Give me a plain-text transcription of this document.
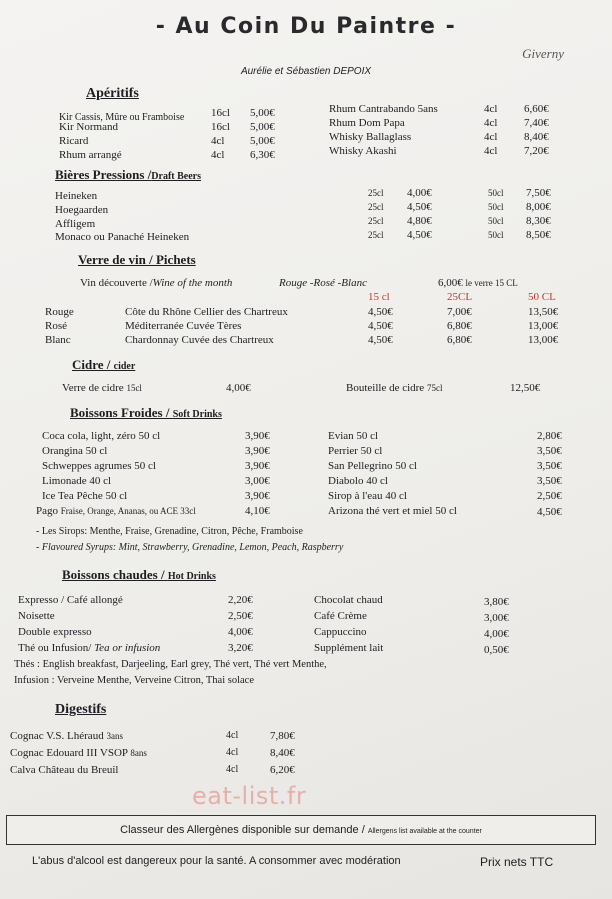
- Au Coin Du Paintre -
Giverny
Aurélie et Sébastien DEPOIX
Apéritifs
Kir Cassis, Mûre ou Framboise 16cl 5,00€
Kir Normand	16cl 5,00€
Ricard	4cl 5,00€
Rhum arrangé	4cl 6,30€
Rhum Cantrabando 5ans	4cl 6,60€
Rhum Dom Papa	4cl 7,40€
Whisky Ballaglass	4cl 8,40€
Whisky Akashi	4cl 7,20€
Bières Pressions /Draft Beers
Heineken	25cl 4,00€	50cl 7,50€
Hoegaarden	25cl 4,50€	50cl 8,00€
Affligem	25cl 4,80€	50cl 8,30€
Monaco ou Panaché Heineken	25cl 4,50€	50cl 8,50€
Verre de vin / Pichets
Vin découverte /Wine of the month	Rouge -Rosé -Blanc	6,00€ le verre 15 CL
15 cl	25CL	50 CL
Rouge	Côte du Rhône Cellier des Chartreux	4,50€	7,00€	13,50€
Rosé	Méditerranée Cuvée Tères	4,50€	6,80€	13,00€
Blanc	Chardonnay Cuvée des Chartreux	4,50€	6,80€	13,00€
Cidre / cider
Verre de cidre 15cl	4,00€	Bouteille de cidre 75cl	12,50€
Boissons Froides / Soft Drinks
Coca cola, light, zéro 50 cl	3,90€
Orangina 50 cl	3,90€
Schweppes agrumes 50 cl	3,90€
Limonade 40 cl	3,00€
Ice Tea Pêche 50 cl	3,90€
Pago Fraise, Orange, Ananas, ou ACE 33cl	4,10€
Evian 50 cl	2,80€
Perrier 50 cl	3,50€
San Pellegrino 50 cl	3,50€
Diabolo 40 cl	3,50€
Sirop à l'eau 40 cl	2,50€
Arizona thé vert et miel 50 cl	4,50€
- Les Sirops: Menthe, Fraise, Grenadine, Citron, Pêche, Framboise
- Flavoured Syrups: Mint, Strawberry, Grenadine, Lemon, Peach, Raspberry
Boissons chaudes / Hot Drinks
Expresso / Café allongé	2,20€
Noisette	2,50€
Double expresso	4,00€
Thé ou Infusion/ Tea or infusion	3,20€
Chocolat chaud	3,80€
Café Crème	3,00€
Cappuccino	4,00€
Supplément lait	0,50€
Thés : English breakfast, Darjeeling, Earl grey, Thé vert, Thé vert Menthe,
Infusion : Verveine Menthe, Verveine Citron, Thai solace
Digestifs
Cognac V.S. Lhéraud 3ans	4cl	7,80€
Cognac Edouard III VSOP 8ans	4cl	8,40€
Calva Château du Breuil	4cl	6,20€
eat-list.fr
Classeur des Allergènes disponible sur demande / Allergens list available at the counter
L'abus d'alcool est dangereux pour la santé. A consommer avec modération	Prix nets TTC
